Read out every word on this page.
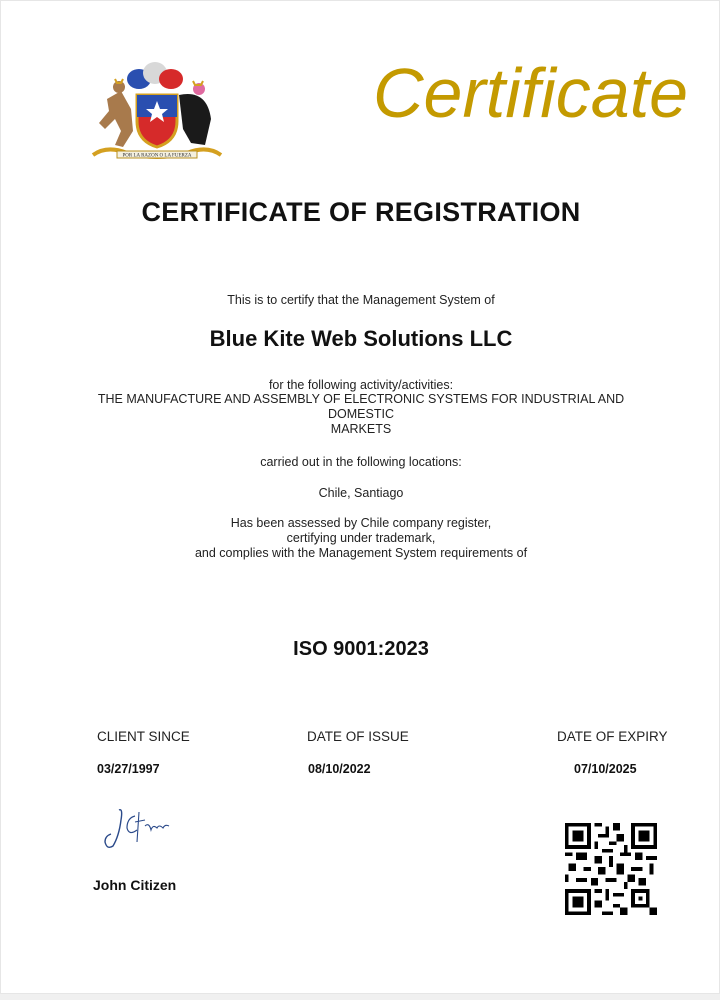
POR LA RAZON O LA FUERZA
Certificate
CERTIFICATE OF REGISTRATION
This is to certify that the Management System of
Blue Kite Web Solutions LLC
for the following activity/activities:
THE MANUFACTURE AND ASSEMBLY OF ELECTRONIC SYSTEMS FOR INDUSTRIAL AND
DOMESTIC
MARKETS
carried out in the following locations:
Chile, Santiago
Has been assessed by Chile company register,
certifying under trademark,
and complies with the Management System requirements of
ISO 9001:2023
CLIENT SINCE
03/27/1997
DATE OF ISSUE
08/10/2022
DATE OF EXPIRY
07/10/2025
John Citizen
